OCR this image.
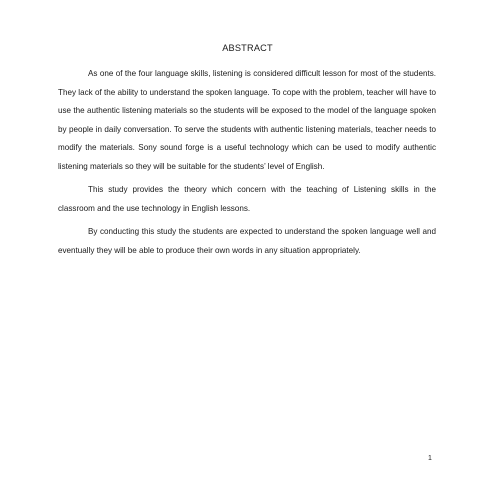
ABSTRACT

As one of the four language skills, listening is considered difficult lesson for most of the students. They lack of the ability to understand the spoken language. To cope with the problem, teacher will have to use the authentic listening materials so the students will be exposed to the model of the language spoken by people in daily conversation. To serve the students with authentic listening materials, teacher needs to modify the materials. Sony sound forge is a useful technology which can be used to modify authentic listening materials so they will be suitable for the students’ level of English.

This study provides the theory which concern with the teaching of Listening skills in the classroom and the use technology in English lessons.

By conducting this study the students are expected to understand the spoken language well and eventually they will be able to produce their own words in any situation appropriately.

1
